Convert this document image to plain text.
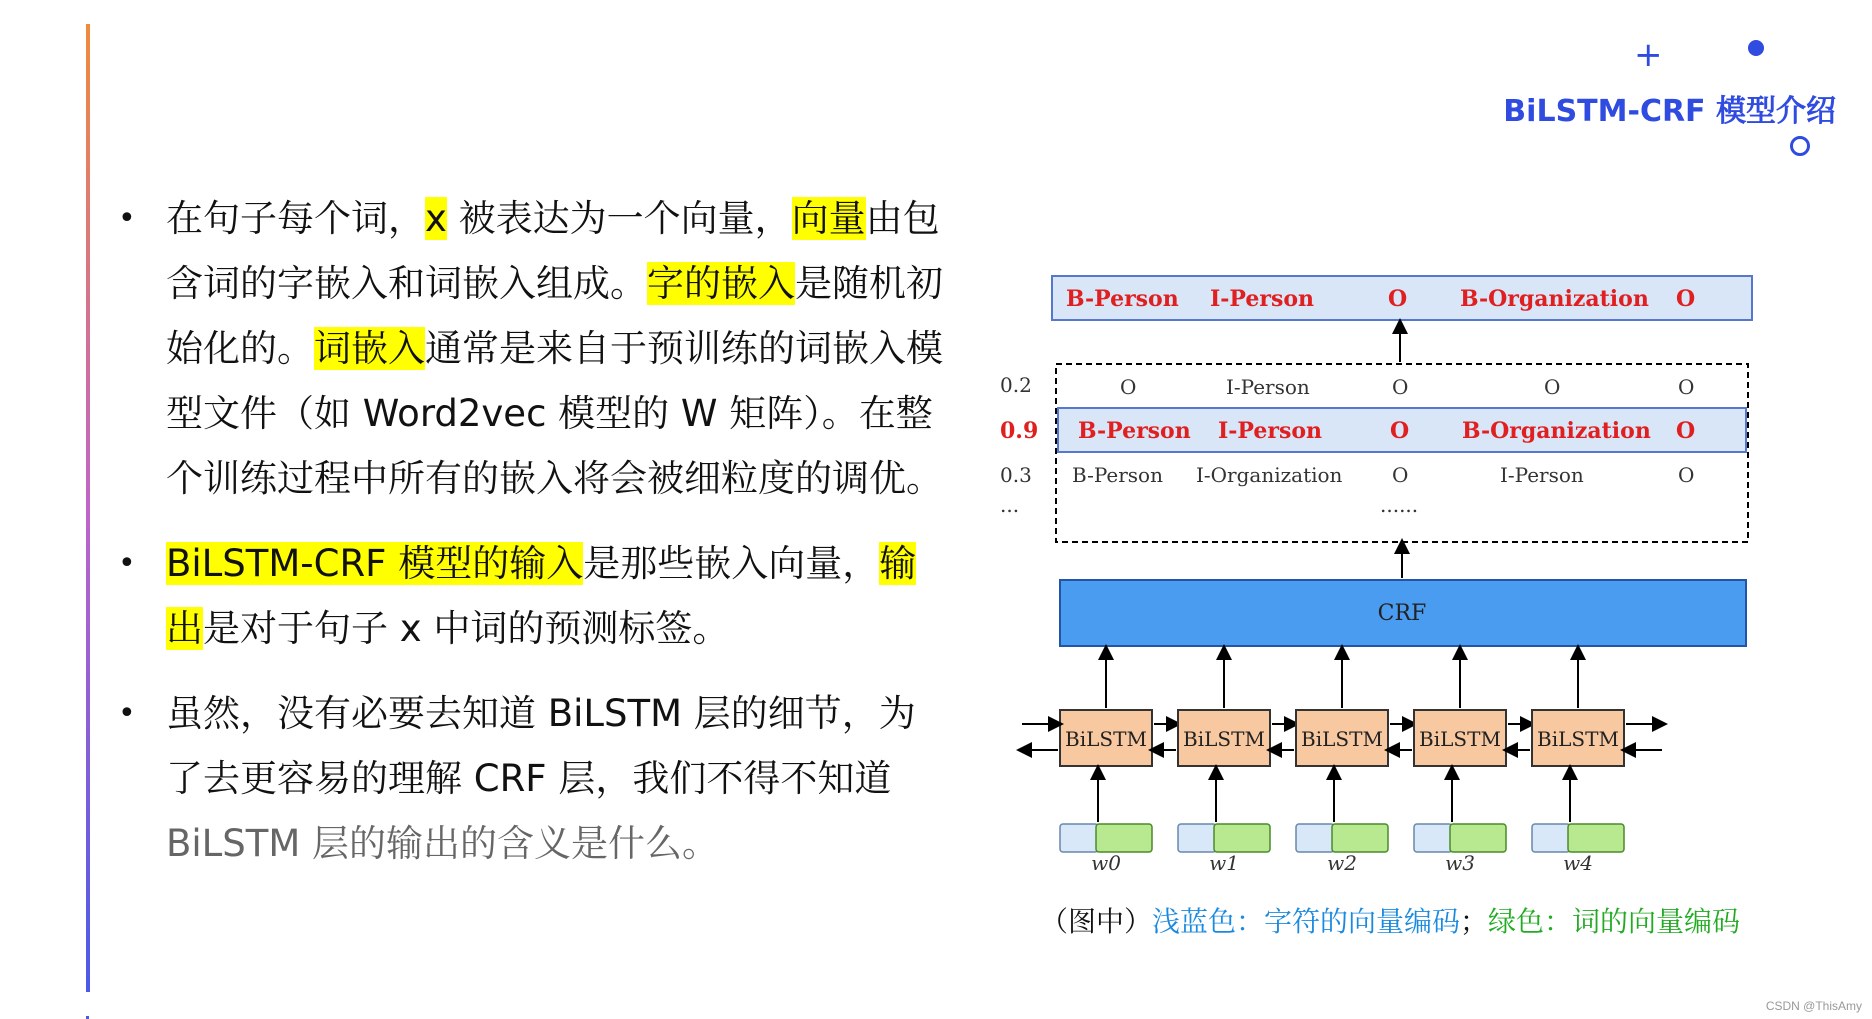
+
BiLSTM-CRF 模型介绍
• 在句子每个词，x 被表达为一个向量，向量由包含词的字嵌入和词嵌入组成。字的嵌入是随机初始化的。词嵌入通常是来自于预训练的词嵌入模型文件（如 Word2vec 模型的 W 矩阵）。在整个训练过程中所有的嵌入将会被细粒度的调优。
• BiLSTM-CRF 模型的输入是那些嵌入向量，输出是对于句子 x 中词的预测标签。
• 虽然，没有必要去知道 BiLSTM 层的细节，为了去更容易的理解 CRF 层，我们不得不知道BiLSTM 层的输出的含义是什么。
B-Person I-Person	O B-Organization O
0.2	O	I-Person	O	O	O
0.9 B-Person I-Person	O B-Organization O
0.3 B-Person I-Organization O	I-Person	O
...	......
CRF
BiLSTM
w0
BiLSTM
w1
BiLSTM
w2
BiLSTM
w3
BiLSTM
w4
（图中）浅蓝色：字符的向量编码；绿色：词的向量编码
CSDN @ThisAmy
